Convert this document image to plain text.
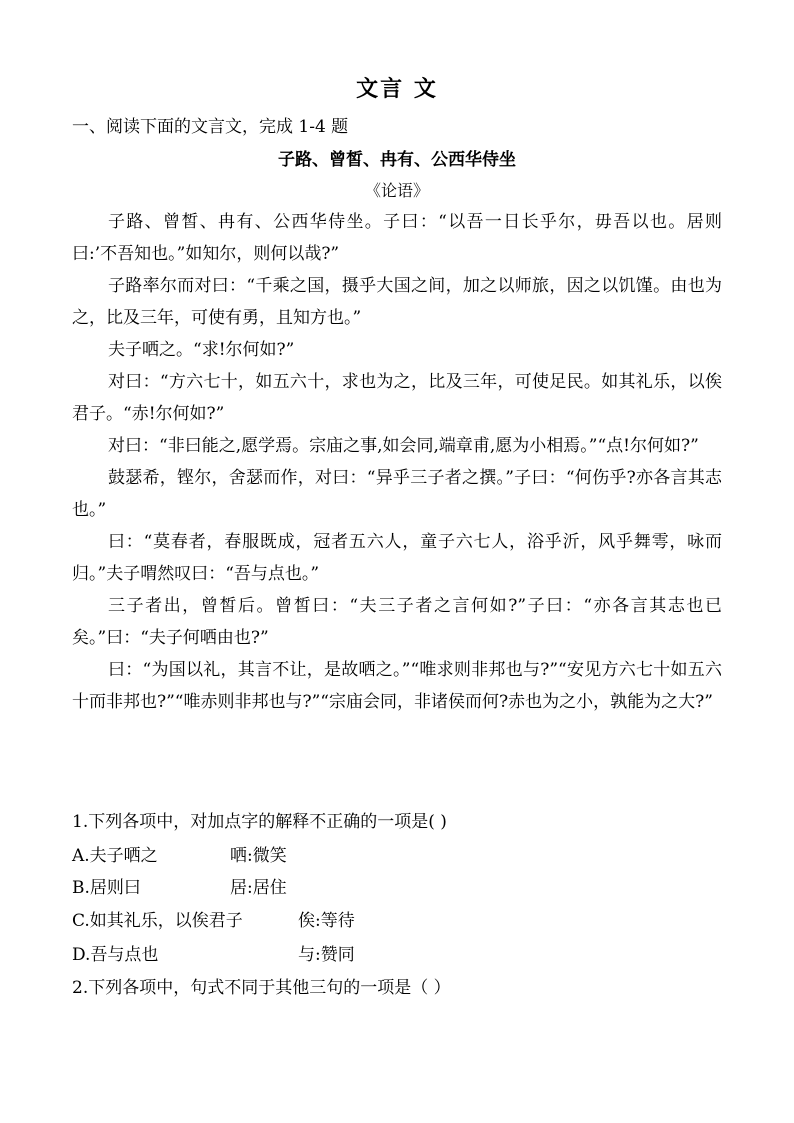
文言 文
一、阅读下面的文言文，完成 1-4 题
子路、曾皙、冉有、公西华侍坐
《论语》

子路、曾皙、冉有、公西华侍坐。子曰：“以吾一日长乎尔，毋吾以也。居则曰:’不吾知也。”如知尔，则何以哉?”

子路率尔而对曰：“千乘之国，摄乎大国之间，加之以师旅，因之以饥馑。由也为之，比及三年，可使有勇，且知方也。”

夫子哂之。“求!尔何如?”

对曰：“方六七十，如五六十，求也为之，比及三年，可使足民。如其礼乐，以俟君子。“赤!尔何如?”

对曰：“非曰能之,愿学焉。宗庙之事,如会同,端章甫,愿为小相焉。”“点!尔何如?”

鼓瑟希，铿尔，舍瑟而作，对曰：“异乎三子者之撰。”子曰：“何伤乎?亦各言其志也。”

曰：“莫春者，春服既成，冠者五六人，童子六七人，浴乎沂，风乎舞雩，咏而归。”夫子喟然叹曰：“吾与点也。”

三子者出，曾皙后。曾皙曰：“夫三子者之言何如?”子曰：“亦各言其志也已矣。”曰：“夫子何哂由也?”

曰：“为国以礼，其言不让，是故哂之。”“唯求则非邦也与?”“安见方六七十如五六十而非邦也?”“唯赤则非邦也与?”“宗庙会同，非诸侯而何?赤也为之小，孰能为之大?”

1.下列各项中，对加点字的解释不正确的一项是( )
A.夫子哂之	哂:微笑
B.居则曰	居:居住
C.如其礼乐，以俟君子	俟:等待
D.吾与点也	与:赞同
2.下列各项中，句式不同于其他三句的一项是（ ）
